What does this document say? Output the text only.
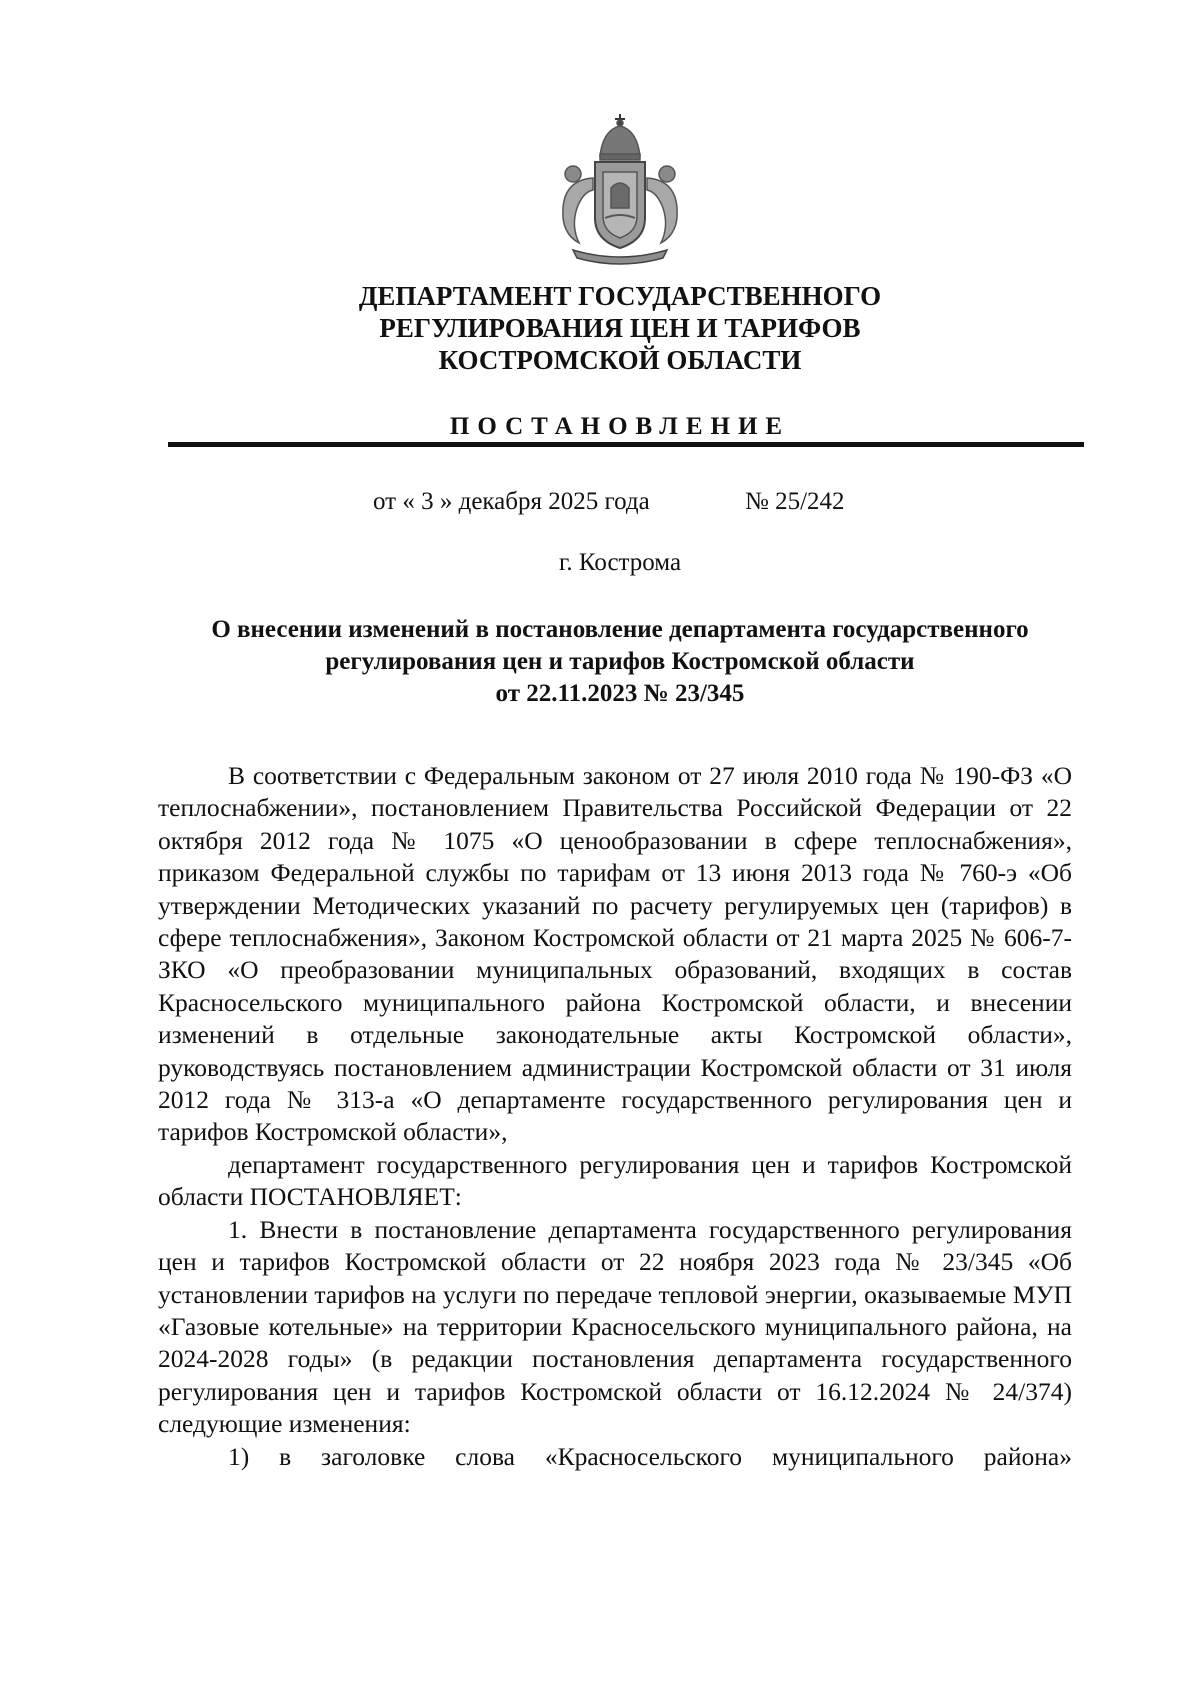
ДЕПАРТАМЕНТ ГОСУДАРСТВЕННОГО
РЕГУЛИРОВАНИЯ ЦЕН И ТАРИФОВ
КОСТРОМСКОЙ ОБЛАСТИ
ПОСТАНОВЛЕНИЕ
от « 3 » декабря 2025 года	№ 25/242
г. Кострома
О внесении изменений в постановление департамента государственного
регулирования цен и тарифов Костромской области
от 22.11.2023 № 23/345

В соответствии с Федеральным законом от 27 июля 2010 года № 190-ФЗ «О теплоснабжении», постановлением Правительства Российской Федерации от 22 октября 2012 года № 1075 «О ценообразовании в сфере теплоснабжения», приказом Федеральной службы по тарифам от 13 июня 2013 года № 760-э «Об утверждении Методических указаний по расчету регулируемых цен (тарифов) в сфере теплоснабжения», Законом Костромской области от 21 марта 2025 № 606-7-ЗКО «О преобразовании муниципальных образований, входящих в состав Красносельского муниципального района Костромской области, и внесении изменений в отдельные законодательные акты Костромской области», руководствуясь постановлением администрации Костромской области от 31 июля 2012 года № 313-а «О департаменте государственного регулирования цен и тарифов Костромской области»,

департамент государственного регулирования цен и тарифов Костромской области ПОСТАНОВЛЯЕТ:

1. Внести в постановление департамента государственного регулирования цен и тарифов Костромской области от 22 ноября 2023 года № 23/345 «Об установлении тарифов на услуги по передаче тепловой энергии, оказываемые МУП «Газовые котельные» на территории Красносельского муниципального района, на 2024-2028 годы» (в редакции постановления департамента государственного регулирования цен и тарифов Костромской области от 16.12.2024 № 24/374) следующие изменения:

1) в заголовке слова «Красносельского муниципального района»
